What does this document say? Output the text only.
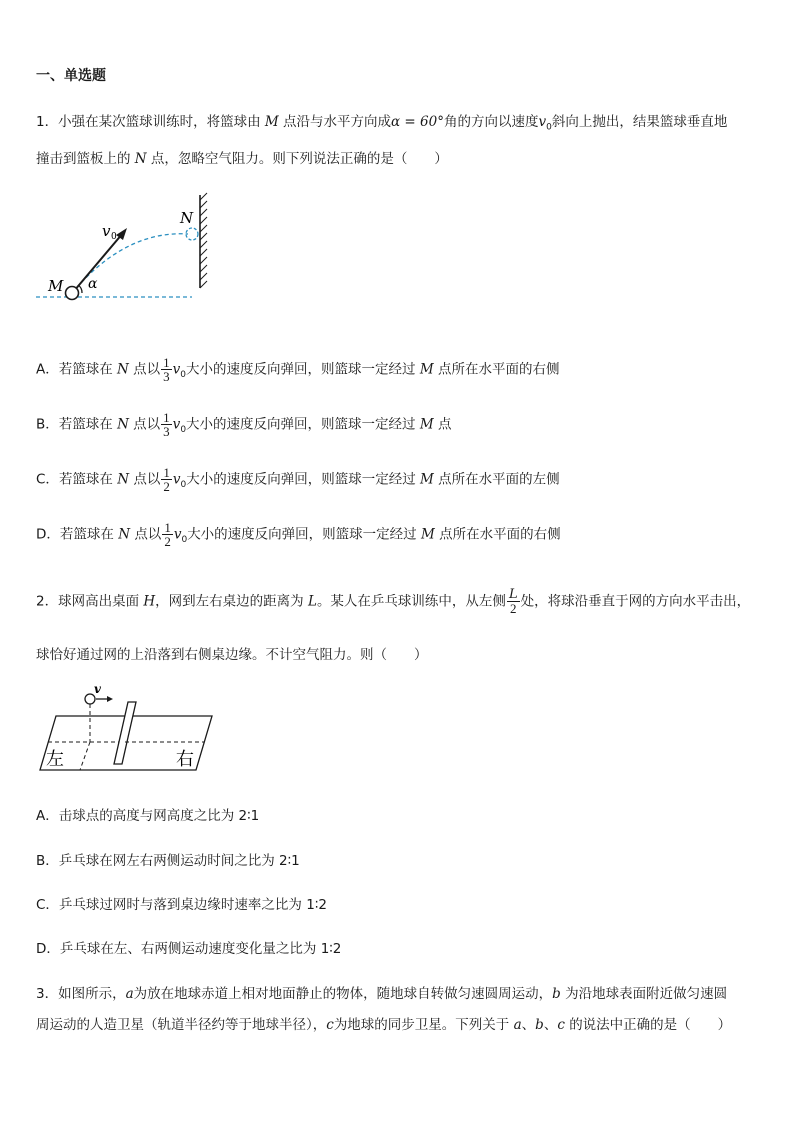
一、单选题
1．小强在某次篮球训练时，将篮球由 M 点沿与水平方向成α = 60°角的方向以速度$v_0$斜向上抛出，结果篮球垂直地
撞击到篮板上的 N 点，忽略空气阻力。则下列说法正确的是（　　）
M α
N
v 0
A．若篮球在 N 点以 $\frac{1}{3} v_0$大小的速度反向弹回，则篮球一定经过 M 点所在水平面的右侧
B．若篮球在 N 点以 $\frac{1}{3} v_0$大小的速度反向弹回，则篮球一定经过 M 点
C．若篮球在 N 点以 $\frac{1}{2} v_0$大小的速度反向弹回，则篮球一定经过 M 点所在水平面的左侧
D．若篮球在 N 点以 $\frac{1}{2} v_0$大小的速度反向弹回，则篮球一定经过 M 点所在水平面的右侧
2．球网高出桌面 H，网到左右桌边的距离为 L。某人在乒乓球训练中，从左侧 $\frac{L}{2}$ 处，将球沿垂直于网的方向水平击出，
球恰好通过网的上沿落到右侧桌边缘。不计空气阻力。则（　　）
v
左	右
A．击球点的高度与网高度之比为 2∶1
B．乒乓球在网左右两侧运动时间之比为 2∶1
C．乒乓球过网时与落到桌边缘时速率之比为 1∶2
D．乒乓球在左、右两侧运动速度变化量之比为 1∶2
3．如图所示，a为放在地球赤道上相对地面静止的物体，随地球自转做匀速圆周运动，b 为沿地球表面附近做匀速圆
周运动的人造卫星（轨道半径约等于地球半径），c为地球的同步卫星。下列关于 a、b、c 的说法中正确的是（　　）
